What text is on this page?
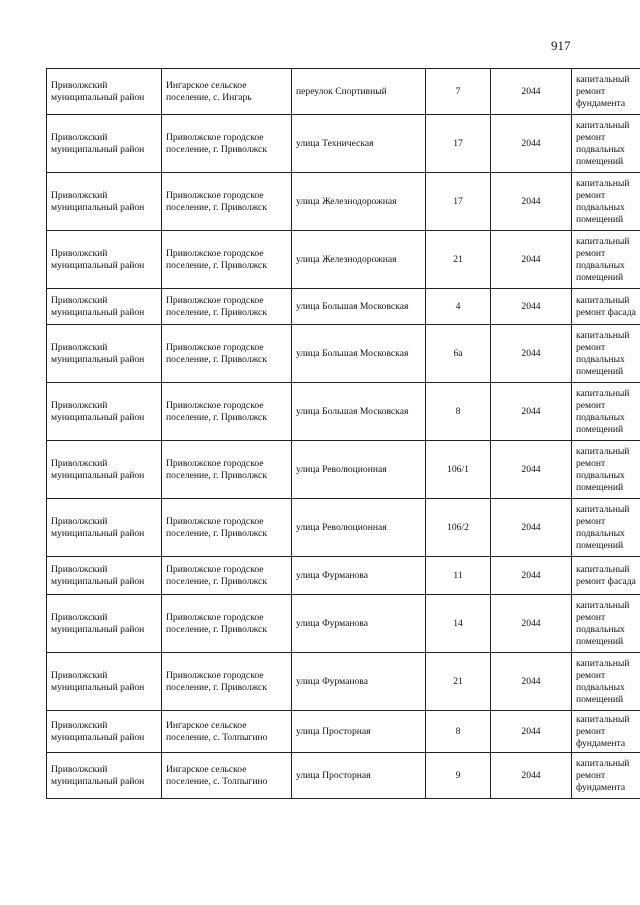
917
Приволжский муниципальный район	Ингарское сельское поселение, с. Ингарь	переулок Спортивный	7	2044	капитальный ремонт фундамента
Приволжский муниципальный район	Приволжское городское поселение, г. Приволжск	улица Техническая	17	2044	капитальный ремонт подвальных помещений
Приволжский муниципальный район	Приволжское городское поселение, г. Приволжск	улица Железнодорожная	17	2044	капитальный ремонт подвальных помещений
Приволжский муниципальный район	Приволжское городское поселение, г. Приволжск	улица Железнодорожная	21	2044	капитальный ремонт подвальных помещений
Приволжский муниципальный район	Приволжское городское поселение, г. Приволжск	улица Большая Московская	4	2044	капитальный ремонт фасада
Приволжский муниципальный район	Приволжское городское поселение, г. Приволжск	улица Большая Московская	6а	2044	капитальный ремонт подвальных помещений
Приволжский муниципальный район	Приволжское городское поселение, г. Приволжск	улица Большая Московская	8	2044	капитальный ремонт подвальных помещений
Приволжский муниципальный район	Приволжское городское поселение, г. Приволжск	улица Революционная	106/1	2044	капитальный ремонт подвальных помещений
Приволжский муниципальный район	Приволжское городское поселение, г. Приволжск	улица Революционная	106/2	2044	капитальный ремонт подвальных помещений
Приволжский муниципальный район	Приволжское городское поселение, г. Приволжск	улица Фурманова	11	2044	капитальный ремонт фасада
Приволжский муниципальный район	Приволжское городское поселение, г. Приволжск	улица Фурманова	14	2044	капитальный ремонт подвальных помещений
Приволжский муниципальный район	Приволжское городское поселение, г. Приволжск	улица Фурманова	21	2044	капитальный ремонт подвальных помещений
Приволжский муниципальный район	Ингарское сельское поселение, с. Толпыгино	улица Просторная	8	2044	капитальный ремонт фундамента
Приволжский муниципальный район	Ингарское сельское поселение, с. Толпыгино	улица Просторная	9	2044	капитальный ремонт фундамента
